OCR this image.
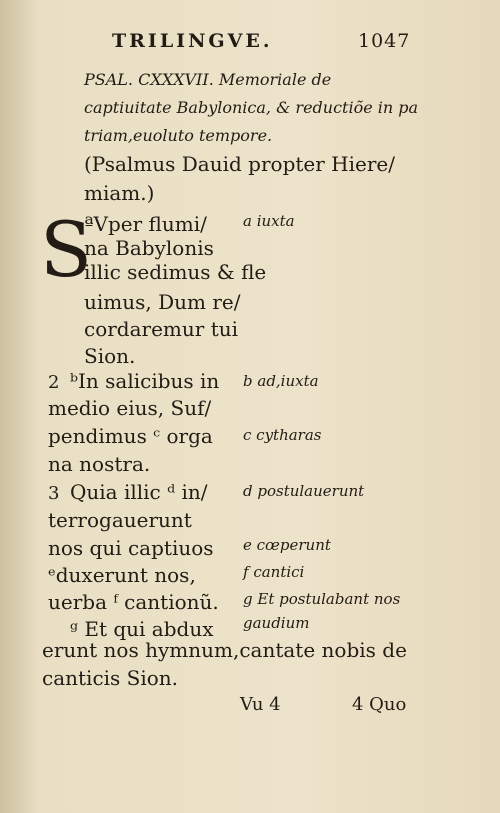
TRILINGVE.	1047
PSAL. CXXXVII. Memoriale de
captiuitate Babylonica, & reductiõe in pa
triam,euoluto tempore.
(Psalmus Dauid propter Hiere/
miam.)
S
ªVper flumi/
na Babylonis
illic sedimus & fle
uimus, Dum re/
cordaremur tui
Sion.
2 ᵇIn salicibus in
medio eius, Suf/
pendimus ᶜ orga
na nostra.
3 Quia illic ᵈ in/
terrogauerunt
nos qui captiuos
ᵉduxerunt nos,
uerba ᶠ cantionũ.
ᵍ Et qui abdux
erunt nos hymnum,cantate nobis de
canticis Sion.
a iuxta
b ad,iuxta
c cytharas
d postulauerunt
e cœperunt
f cantici
g Et postulabant nos
gaudium
Vu 4	4 Quo
